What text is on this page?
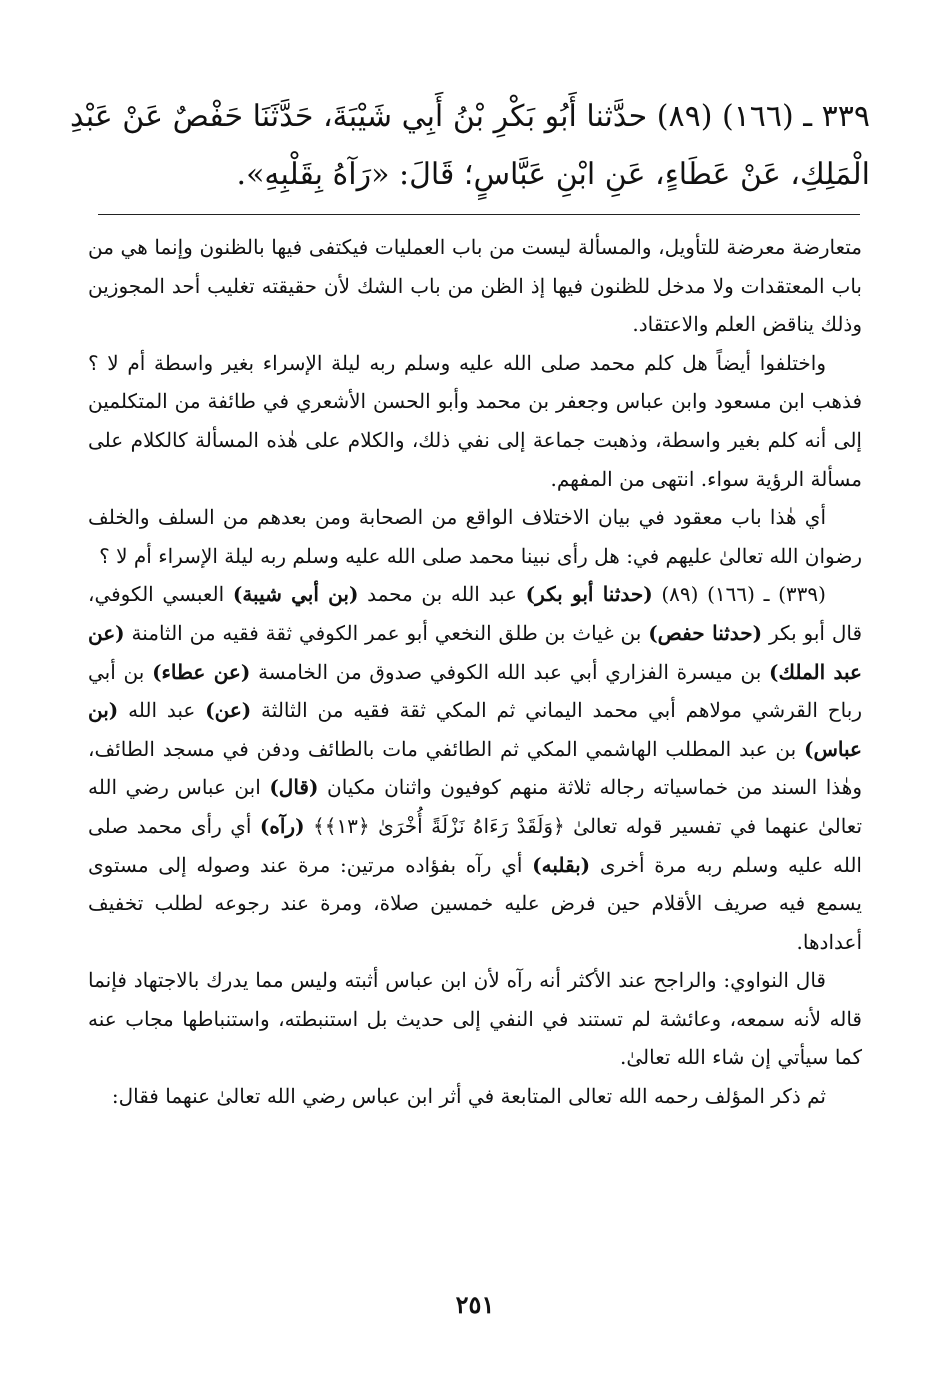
٣٣٩ ـ (١٦٦) (٨٩) حدَّثنا أَبُو بَكْرِ بْنُ أَبِي شَيْبَةَ، حَدَّثَنَا حَفْصٌ عَنْ عَبْدِ الْمَلِكِ، عَنْ عَطَاءٍ، عَنِ ابْنِ عَبَّاسٍ؛ قَالَ: «رَآهُ بِقَلْبِهِ».

متعارضة معرضة للتأويل، والمسألة ليست من باب العمليات فيكتفى فيها بالظنون وإنما هي من باب المعتقدات ولا مدخل للظنون فيها إذ الظن من باب الشك لأن حقيقته تغليب أحد المجوزين وذلك يناقض العلم والاعتقاد.

واختلفوا أيضاً هل كلم محمد صلى الله عليه وسلم ربه ليلة الإسراء بغير واسطة أم لا ؟ فذهب ابن مسعود وابن عباس وجعفر بن محمد وأبو الحسن الأشعري في طائفة من المتكلمين إلى أنه كلم بغير واسطة، وذهبت جماعة إلى نفي ذلك، والكلام على هٰذه المسألة كالكلام على مسألة الرؤية سواء. انتهى من المفهم.

أي هٰذا باب معقود في بيان الاختلاف الواقع من الصحابة ومن بعدهم من السلف والخلف رضوان الله تعالىٰ عليهم في: هل رأى نبينا محمد صلى الله عليه وسلم ربه ليلة الإسراء أم لا ؟

(٣٣٩) ـ (١٦٦) (٨٩) (حدثنا أبو بكر) عبد الله بن محمد (بن أبي شيبة) العبسي الكوفي، قال أبو بكر (حدثنا حفص) بن غياث بن طلق النخعي أبو عمر الكوفي ثقة فقيه من الثامنة (عن عبد الملك) بن ميسرة الفزاري أبي عبد الله الكوفي صدوق من الخامسة (عن عطاء) بن أبي رباح القرشي مولاهم أبي محمد اليماني ثم المكي ثقة فقيه من الثالثة (عن) عبد الله (بن عباس) بن عبد المطلب الهاشمي المكي ثم الطائفي مات بالطائف ودفن في مسجد الطائف، وهٰذا السند من خماسياته رجاله ثلاثة منهم كوفيون واثنان مكيان (قال) ابن عباس رضي الله تعالىٰ عنهما في تفسير قوله تعالىٰ ﴿وَلَقَدْ رَءَاهُ نَزْلَةً أُخْرَىٰ ﴿١٣﴾﴾ (رآه) أي رأى محمد صلى الله عليه وسلم ربه مرة أخرى (بقلبه) أي رآه بفؤاده مرتين: مرة عند وصوله إلى مستوى يسمع فيه صريف الأقلام حين فرض عليه خمسين صلاة، ومرة عند رجوعه لطلب تخفيف أعدادها.

قال النواوي: والراجح عند الأكثر أنه رآه لأن ابن عباس أثبته وليس مما يدرك بالاجتهاد فإنما قاله لأنه سمعه، وعائشة لم تستند في النفي إلى حديث بل استنبطته، واستنباطها مجاب عنه كما سيأتي إن شاء الله تعالىٰ.

ثم ذكر المؤلف رحمه الله تعالى المتابعة في أثر ابن عباس رضي الله تعالىٰ عنهما فقال:

٢٥١
